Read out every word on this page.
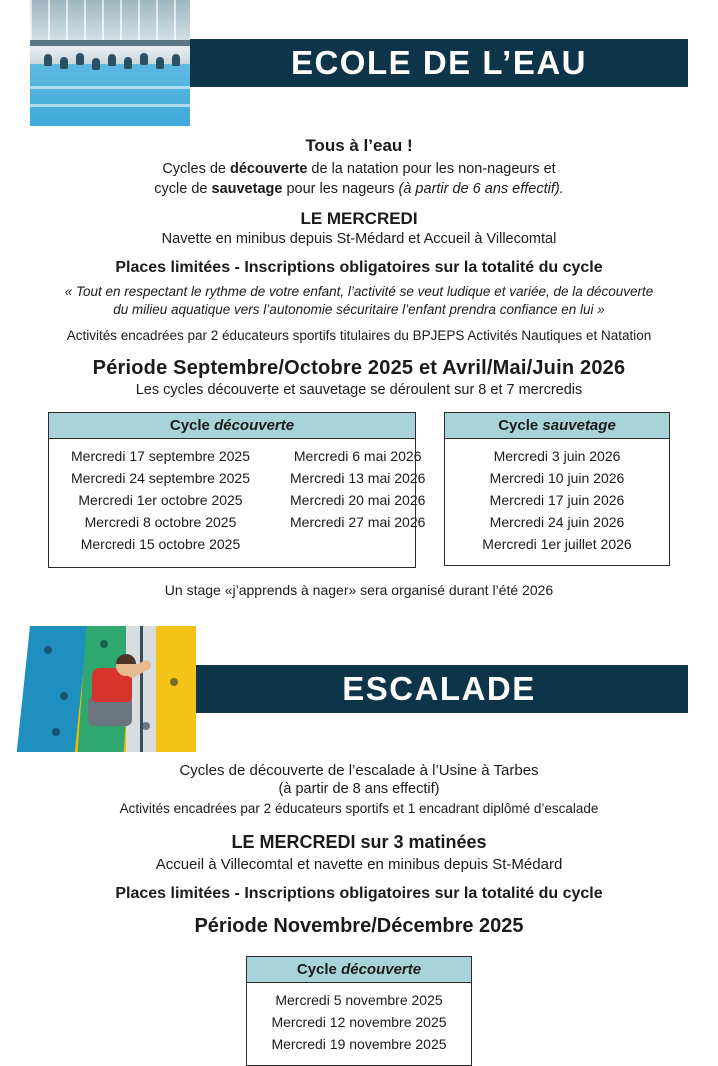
ECOLE DE L’EAU
Tous à l’eau !
Cycles de découverte de la natation pour les non-nageurs et
cycle de sauvetage pour les nageurs (à partir de 6 ans effectif).
LE MERCREDI
Navette en minibus depuis St-Médard et Accueil à Villecomtal
Places limitées - Inscriptions obligatoires sur la totalité du cycle
« Tout en respectant le rythme de votre enfant, l’activité se veut ludique et variée, de la découverte du milieu aquatique vers l’autonomie sécuritaire l’enfant prendra confiance en lui »
Activités encadrées par 2 éducateurs sportifs titulaires du BPJEPS Activités Nautiques et Natation
Période Septembre/Octobre 2025 et Avril/Mai/Juin 2026
Les cycles découverte et sauvetage se déroulent sur 8 et 7 mercredis
Cycle découverte
Mercredi 17 septembre 2025
Mercredi 24 septembre 2025
Mercredi 1er octobre 2025
Mercredi 8 octobre 2025
Mercredi 15 octobre 2025
Mercredi 6 mai 2026
Mercredi 13 mai 2026
Mercredi 20 mai 2026
Mercredi 27 mai 2026
Cycle sauvetage
Mercredi 3 juin 2026
Mercredi 10 juin 2026
Mercredi 17 juin 2026
Mercredi 24 juin 2026
Mercredi 1er juillet 2026
Un stage «j’apprends à nager» sera organisé durant l’été 2026
ESCALADE
Cycles de découverte de l’escalade à l’Usine à Tarbes
(à partir de 8 ans effectif)
Activités encadrées par 2 éducateurs sportifs et 1 encadrant diplômé d’escalade
LE MERCREDI sur 3 matinées
Accueil à Villecomtal et navette en minibus depuis St-Médard
Places limitées - Inscriptions obligatoires sur la totalité du cycle
Période Novembre/Décembre 2025
Cycle découverte
Mercredi 5 novembre 2025
Mercredi 12 novembre 2025
Mercredi 19 novembre 2025
